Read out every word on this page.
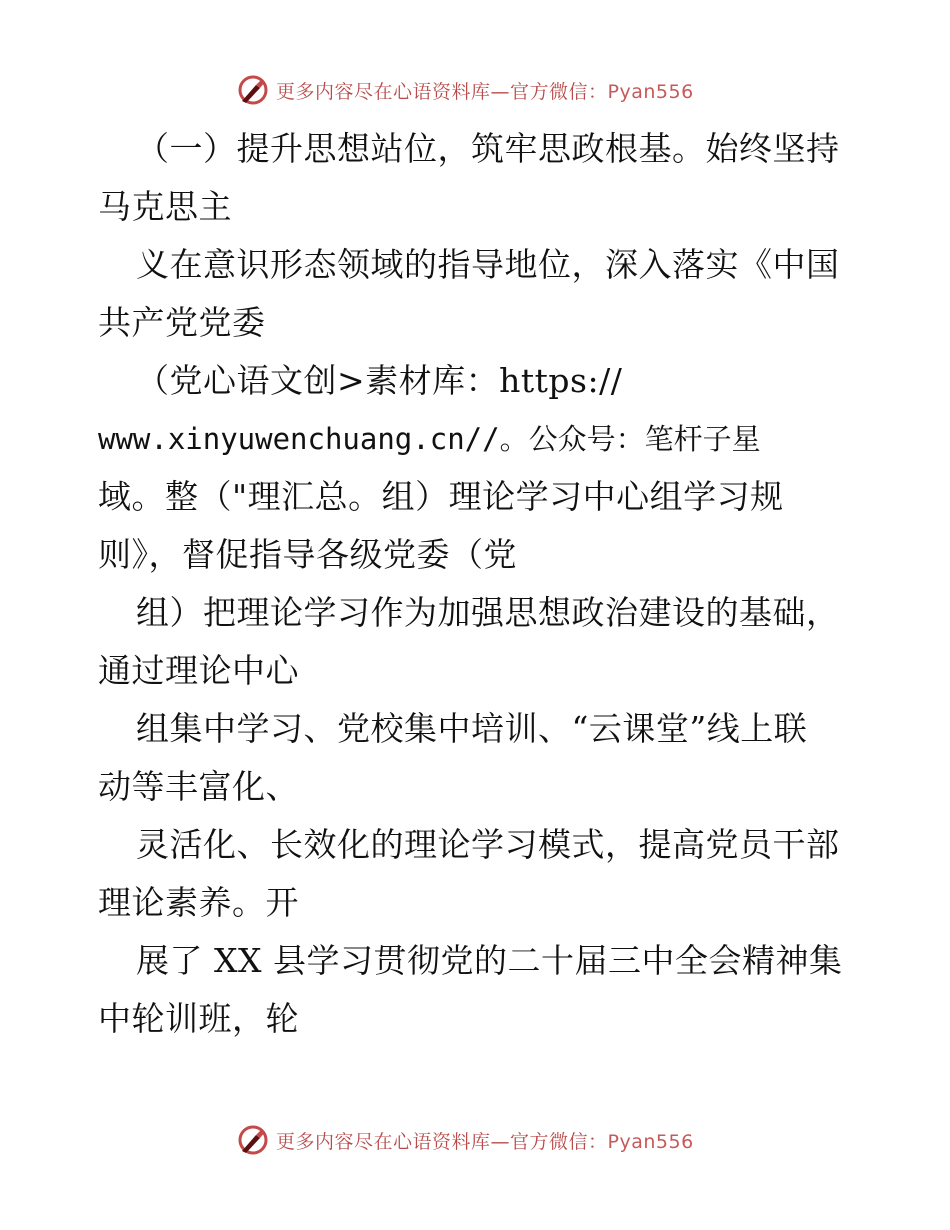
更多内容尽在心语资料库—官方微信：Pyan556
（一）提升思想站位，筑牢思政根基。始终坚持
马克思主
义在意识形态领域的指导地位，深入落实《中国
共产党党委
（党心语文创>素材库：https://
www.xinyuwenchuang.cn//。公众号：笔杆子星
域。整（"理汇总。组）理论学习中心组学习规
则》，督促指导各级党委（党
组）把理论学习作为加强思想政治建设的基础，
通过理论中心
组集中学习、党校集中培训、“云课堂”线上联
动等丰富化、
灵活化、长效化的理论学习模式，提高党员干部
理论素养。开
展了 XX 县学习贯彻党的二十届三中全会精神集
中轮训班，轮
更多内容尽在心语资料库—官方微信：Pyan556
